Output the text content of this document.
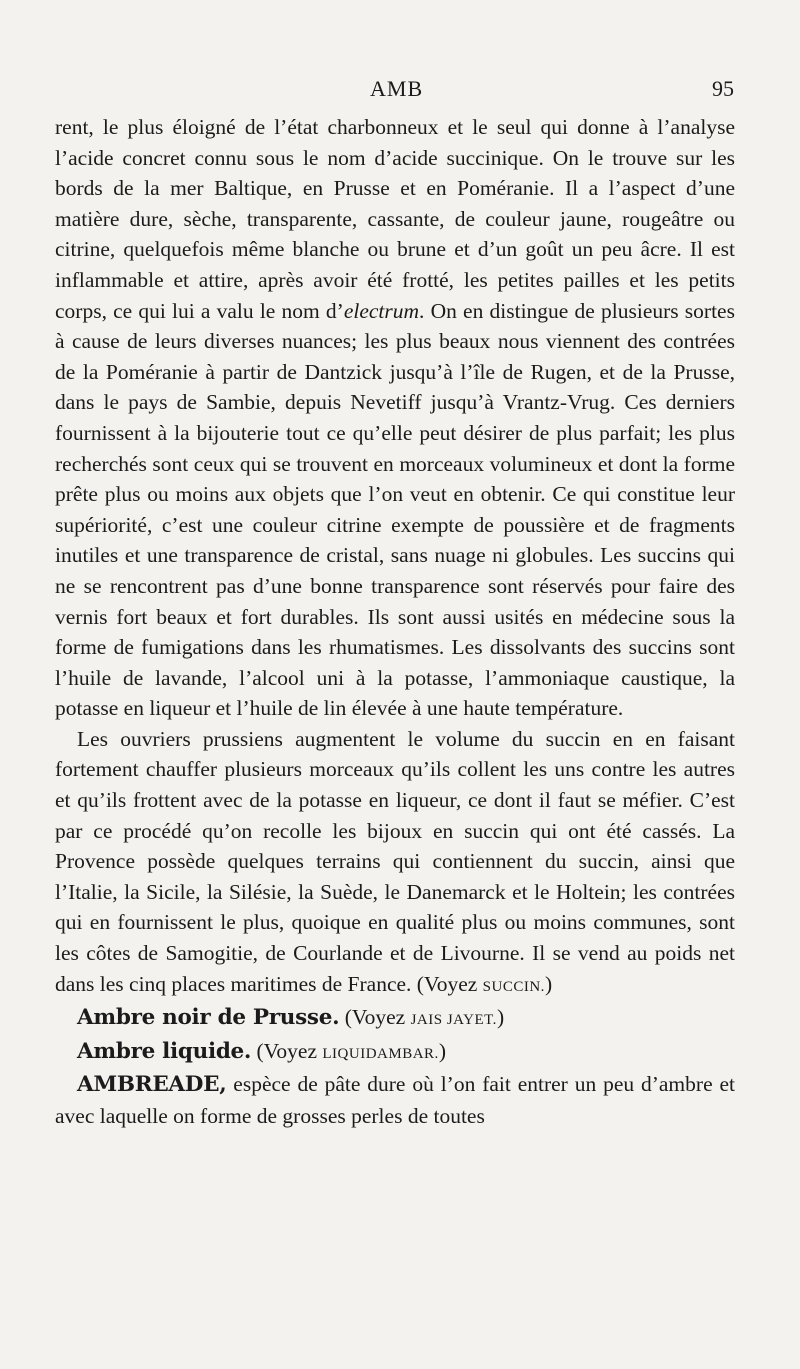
AMB	95

rent, le plus éloigné de l’état charbonneux et le seul qui donne à l’analyse l’acide concret connu sous le nom d’acide succinique. On le trouve sur les bords de la mer Baltique, en Prusse et en Poméranie. Il a l’aspect d’une matière dure, sèche, transparente, cassante, de couleur jaune, rougeâtre ou citrine, quelquefois même blanche ou brune et d’un goût un peu âcre. Il est inflammable et attire, après avoir été frotté, les petites pailles et les petits corps, ce qui lui a valu le nom d’electrum. On en distingue de plusieurs sortes à cause de leurs diverses nuances; les plus beaux nous viennent des contrées de la Poméranie à partir de Dantzick jusqu’à l’île de Rugen, et de la Prusse, dans le pays de Sambie, depuis Nevetiff jusqu’à Vrantz-Vrug. Ces derniers fournissent à la bijouterie tout ce qu’elle peut désirer de plus parfait; les plus recherchés sont ceux qui se trouvent en morceaux volumineux et dont la forme prête plus ou moins aux objets que l’on veut en obtenir. Ce qui constitue leur supériorité, c’est une couleur citrine exempte de poussière et de fragments inutiles et une transparence de cristal, sans nuage ni globules. Les succins qui ne se rencontrent pas d’une bonne transparence sont réservés pour faire des vernis fort beaux et fort durables. Ils sont aussi usités en médecine sous la forme de fumigations dans les rhumatismes. Les dissolvants des succins sont l’huile de lavande, l’alcool uni à la potasse, l’ammoniaque caustique, la potasse en liqueur et l’huile de lin élevée à une haute température.

Les ouvriers prussiens augmentent le volume du succin en en faisant fortement chauffer plusieurs morceaux qu’ils collent les uns contre les autres et qu’ils frottent avec de la potasse en liqueur, ce dont il faut se méfier. C’est par ce procédé qu’on recolle les bijoux en succin qui ont été cassés. La Provence possède quelques terrains qui contiennent du succin, ainsi que l’Italie, la Sicile, la Silésie, la Suède, le Danemarck et le Holtein; les contrées qui en fournissent le plus, quoique en qualité plus ou moins communes, sont les côtes de Samogitie, de Courlande et de Livourne. Il se vend au poids net dans les cinq places maritimes de France. (Voyez SUCCIN.)

Ambre noir de Prusse. (Voyez JAIS JAYET.)

Ambre liquide. (Voyez LIQUIDAMBAR.)

AMBREADE, espèce de pâte dure où l’on fait entrer un peu d’ambre et avec laquelle on forme de grosses perles de toutes
